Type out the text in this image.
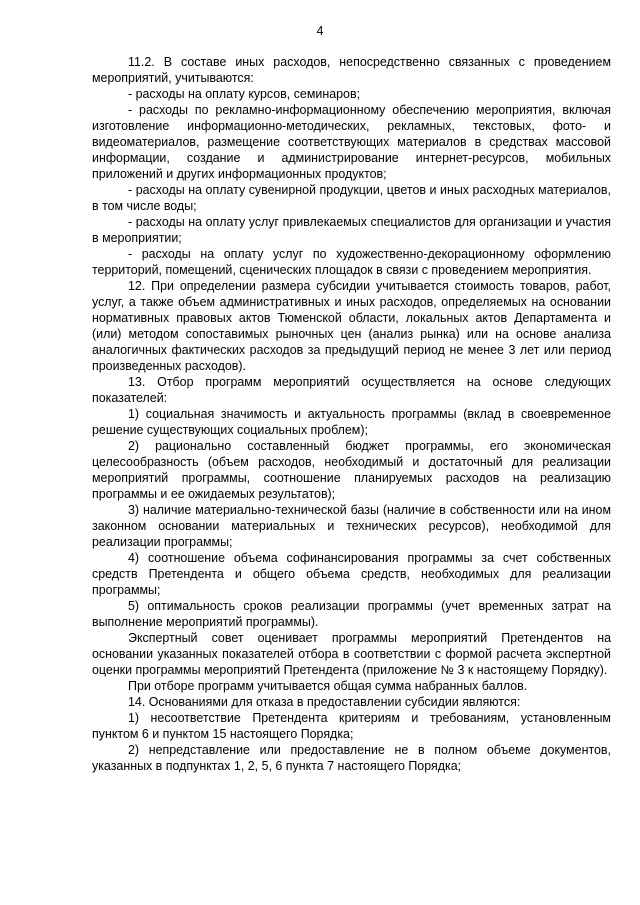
4

11.2. В составе иных расходов, непосредственно связанных с проведением мероприятий, учитываются:

- расходы на оплату курсов, семинаров;

- расходы по рекламно-информационному обеспечению мероприятия, включая изготовление информационно-методических, рекламных, текстовых, фото- и видеоматериалов, размещение соответствующих материалов в средствах массовой информации, создание и администрирование интернет-ресурсов, мобильных приложений и других информационных продуктов;

- расходы на оплату сувенирной продукции, цветов и иных расходных материалов, в том числе воды;

- расходы на оплату услуг привлекаемых специалистов для организации и участия в мероприятии;

- расходы на оплату услуг по художественно-декорационному оформлению территорий, помещений, сценических площадок в связи с проведением мероприятия.

12. При определении размера субсидии учитывается стоимость товаров, работ, услуг, а также объем административных и иных расходов, определяемых на основании нормативных правовых актов Тюменской области, локальных актов Департамента и (или) методом сопоставимых рыночных цен (анализ рынка) или на основе анализа аналогичных фактических расходов за предыдущий период не менее 3 лет или период произведенных расходов).

13. Отбор программ мероприятий осуществляется на основе следующих показателей:

1) социальная значимость и актуальность программы (вклад в своевременное решение существующих социальных проблем);

2) рационально составленный бюджет программы, его экономическая целесообразность (объем расходов, необходимый и достаточный для реализации мероприятий программы, соотношение планируемых расходов на реализацию программы и ее ожидаемых результатов);

3) наличие материально-технической базы (наличие в собственности или на ином законном основании материальных и технических ресурсов), необходимой для реализации программы;

4) соотношение объема софинансирования программы за счет собственных средств Претендента и общего объема средств, необходимых для реализации программы;

5) оптимальность сроков реализации программы (учет временных затрат на выполнение мероприятий программы).

Экспертный совет оценивает программы мероприятий Претендентов на основании указанных показателей отбора в соответствии с формой расчета экспертной оценки программы мероприятий Претендента (приложение № 3 к настоящему Порядку).

При отборе программ учитывается общая сумма набранных баллов.

14. Основаниями для отказа в предоставлении субсидии являются:

1) несоответствие Претендента критериям и требованиям, установленным пунктом 6 и пунктом 15 настоящего Порядка;

2) непредставление или предоставление не в полном объеме документов, указанных в подпунктах 1, 2, 5, 6 пункта 7 настоящего Порядка;
